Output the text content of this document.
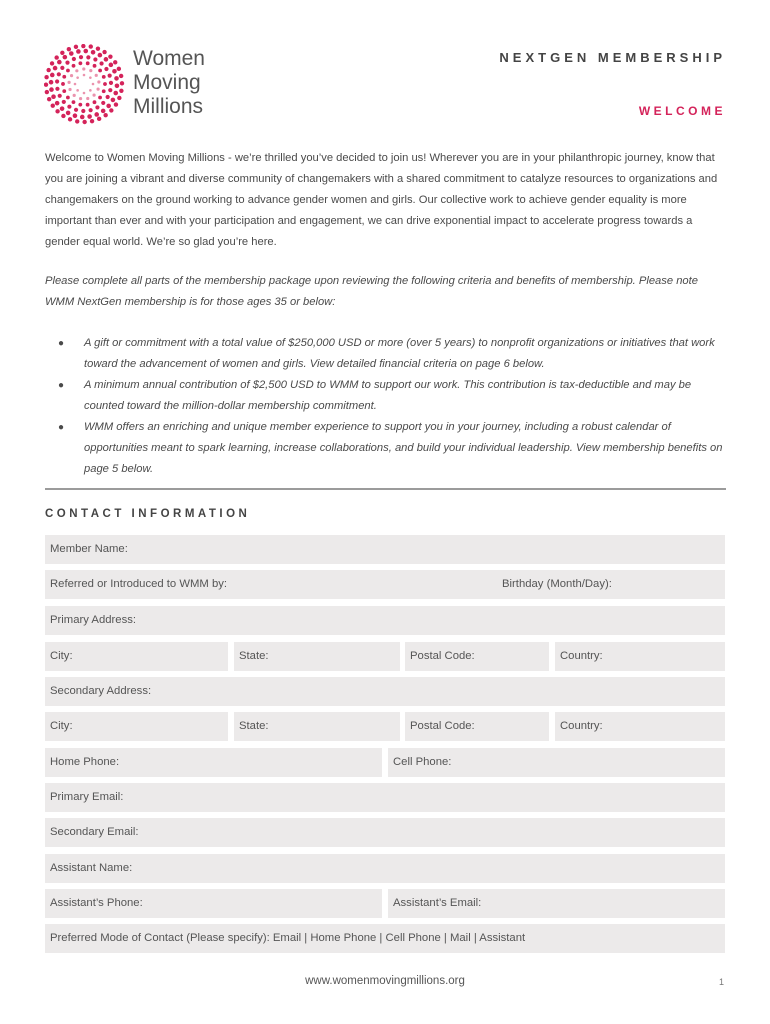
Women
Moving
Millions
NEXTGEN MEMBERSHIP
WELCOME
Welcome to Women Moving Millions - we’re thrilled you’ve decided to join us! Wherever you are in your philanthropic journey, know that you are joining a vibrant and diverse community of changemakers with a shared commitment to catalyze resources to organizations and changemakers on the ground working to advance gender women and girls. Our collective work to achieve gender equality is more important than ever and with your participation and engagement, we can drive exponential impact to accelerate progress towards a gender equal world. We’re so glad you’re here.
Please complete all parts of the membership package upon reviewing the following criteria and benefits of membership. Please note WMM NextGen membership is for those ages 35 or below:
● A gift or commitment with a total value of $250,000 USD or more (over 5 years) to nonprofit organizations or initiatives that work toward the advancement of women and girls. View detailed financial criteria on page 6 below.
● A minimum annual contribution of $2,500 USD to WMM to support our work. This contribution is tax-deductible and may be counted toward the million-dollar membership commitment.
● WMM offers an enriching and unique member experience to support you in your journey, including a robust calendar of opportunities meant to spark learning, increase collaborations, and build your individual leadership. View membership benefits on page 5 below.
CONTACT INFORMATION
Member Name:
Referred or Introduced to WMM by:	Birthday (Month/Day):
Primary Address:
City:	State:	Postal Code:	Country:
Secondary Address:
City:	State:	Postal Code:	Country:
Home Phone:	Cell Phone:
Primary Email:
Secondary Email:
Assistant Name:
Assistant’s Phone:	Assistant’s Email:
Preferred Mode of Contact (Please specify): Email | Home Phone | Cell Phone | Mail | Assistant
www.womenmovingmillions.org	1
